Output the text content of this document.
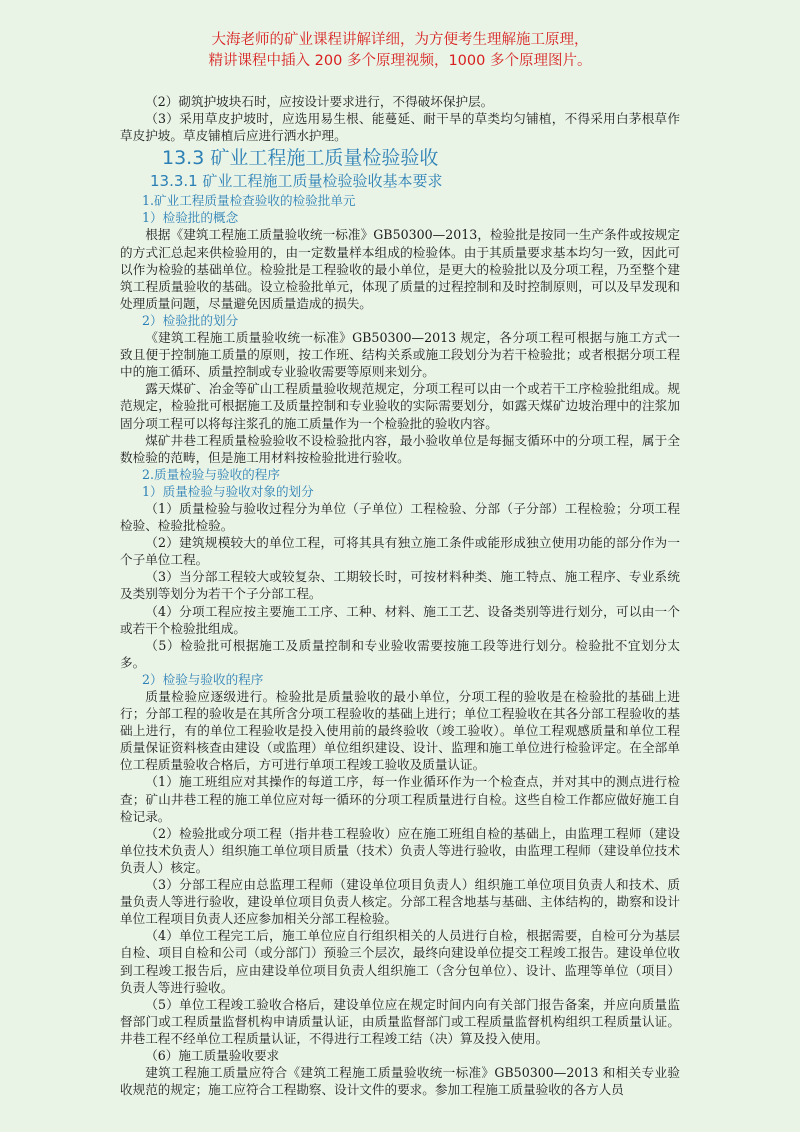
大海老师的矿业课程讲解详细，为方便考生理解施工原理，
精讲课程中插入 200 多个原理视频，1000 多个原理图片。

（2）砌筑护坡块石时，应按设计要求进行，不得破坏保护层。

（3）采用草皮护坡时，应选用易生根、能蔓延、耐干旱的草类均匀铺植，不得采用白茅根草作草皮护坡。草皮铺植后应进行洒水护理。

13.3 矿业工程施工质量检验验收
13.3.1 矿业工程施工质量检验验收基本要求
1.矿业工程质量检查验收的检验批单元
1）检验批的概念

根据《建筑工程施工质量验收统一标准》GB50300—2013，检验批是按同一生产条件或按规定的方式汇总起来供检验用的，由一定数量样本组成的检验体。由于其质量要求基本均匀一致，因此可以作为检验的基础单位。检验批是工程验收的最小单位，是更大的检验批以及分项工程，乃至整个建筑工程质量验收的基础。设立检验批单元，体现了质量的过程控制和及时控制原则，可以及早发现和处理质量问题，尽量避免因质量造成的损失。

2）检验批的划分

《建筑工程施工质量验收统一标准》GB50300—2013 规定，各分项工程可根据与施工方式一致且便于控制施工质量的原则，按工作班、结构关系或施工段划分为若干检验批；或者根据分项工程中的施工循环、质量控制或专业验收需要等原则来划分。

露天煤矿、冶金等矿山工程质量验收规范规定，分项工程可以由一个或若干工序检验批组成。规范规定，检验批可根据施工及质量控制和专业验收的实际需要划分，如露天煤矿边坡治理中的注浆加固分项工程可以将每注浆孔的施工质量作为一个检验批的验收内容。

煤矿井巷工程质量检验验收不设检验批内容，最小验收单位是每掘支循环中的分项工程，属于全数检验的范畴，但是施工用材料按检验批进行验收。

2.质量检验与验收的程序
1）质量检验与验收对象的划分

（1）质量检验与验收过程分为单位（子单位）工程检验、分部（子分部）工程检验；分项工程检验、检验批检验。

（2）建筑规模较大的单位工程，可将其具有独立施工条件或能形成独立使用功能的部分作为一个子单位工程。

（3）当分部工程较大或较复杂、工期较长时，可按材料种类、施工特点、施工程序、专业系统及类别等划分为若干个子分部工程。

（4）分项工程应按主要施工工序、工种、材料、施工工艺、设备类别等进行划分，可以由一个或若干个检验批组成。

（5）检验批可根据施工及质量控制和专业验收需要按施工段等进行划分。检验批不宜划分太多。

2）检验与验收的程序

质量检验应逐级进行。检验批是质量验收的最小单位，分项工程的验收是在检验批的基础上进行；分部工程的验收是在其所含分项工程验收的基础上进行；单位工程验收在其各分部工程验收的基础上进行，有的单位工程验收是投入使用前的最终验收（竣工验收）。单位工程观感质量和单位工程质量保证资料核查由建设（或监理）单位组织建设、设计、监理和施工单位进行检验评定。在全部单位工程质量验收合格后，方可进行单项工程竣工验收及质量认证。

（1）施工班组应对其操作的每道工序，每一作业循环作为一个检查点，并对其中的测点进行检查；矿山井巷工程的施工单位应对每一循环的分项工程质量进行自检。这些自检工作都应做好施工自检记录。

（2）检验批或分项工程（指井巷工程验收）应在施工班组自检的基础上，由监理工程师（建设单位技术负责人）组织施工单位项目质量（技术）负责人等进行验收，由监理工程师（建设单位技术负责人）核定。

（3）分部工程应由总监理工程师（建设单位项目负责人）组织施工单位项目负责人和技术、质量负责人等进行验收，建设单位项目负责人核定。分部工程含地基与基础、主体结构的，勘察和设计单位工程项目负责人还应参加相关分部工程检验。

（4）单位工程完工后，施工单位应自行组织相关的人员进行自检，根据需要，自检可分为基层自检、项目自检和公司（或分部门）预验三个层次，最终向建设单位提交工程竣工报告。建设单位收到工程竣工报告后，应由建设单位项目负责人组织施工（含分包单位）、设计、监理等单位（项目）负责人等进行验收。

（5）单位工程竣工验收合格后，建设单位应在规定时间内向有关部门报告备案，并应向质量监督部门或工程质量监督机构申请质量认证，由质量监督部门或工程质量监督机构组织工程质量认证。井巷工程不经单位工程质量认证，不得进行工程竣工结（决）算及投入使用。

（6）施工质量验收要求

建筑工程施工质量应符合《建筑工程施工质量验收统一标准》GB50300—2013 和相关专业验收规范的规定；施工应符合工程勘察、设计文件的要求。参加工程施工质量验收的各方人员
